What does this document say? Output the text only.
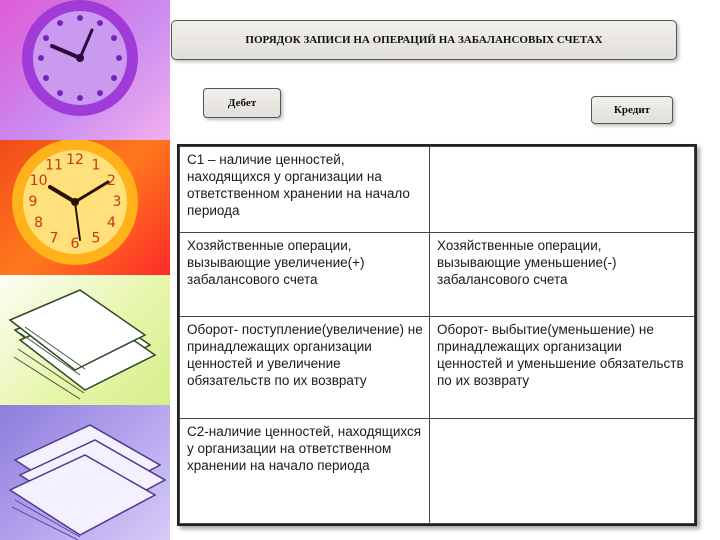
12 1
2
3
4
5
6
7
8
9
10
11
ПОРЯДОК ЗАПИСИ НА ОПЕРАЦИЙ НА ЗАБАЛАНСОВЫХ СЧЕТАХ
Дебет
Кредит
С1 – наличие ценностей, находящихся у организации на ответственном хранении на начало периода	
Хозяйственные операции, вызывающие увеличение(+) забалансового счета	Хозяйственные операции, вызывающие уменьшение(-) забалансового счета
Оборот- поступление(увеличение) не принадлежащих организации ценностей и увеличение обязательств по их возврату	Оборот- выбытие(уменьшение) не принадлежащих организации ценностей и уменьшение обязательств по их возврату
С2-наличие ценностей, находящихся у организации на ответственном хранении на начало периода	
